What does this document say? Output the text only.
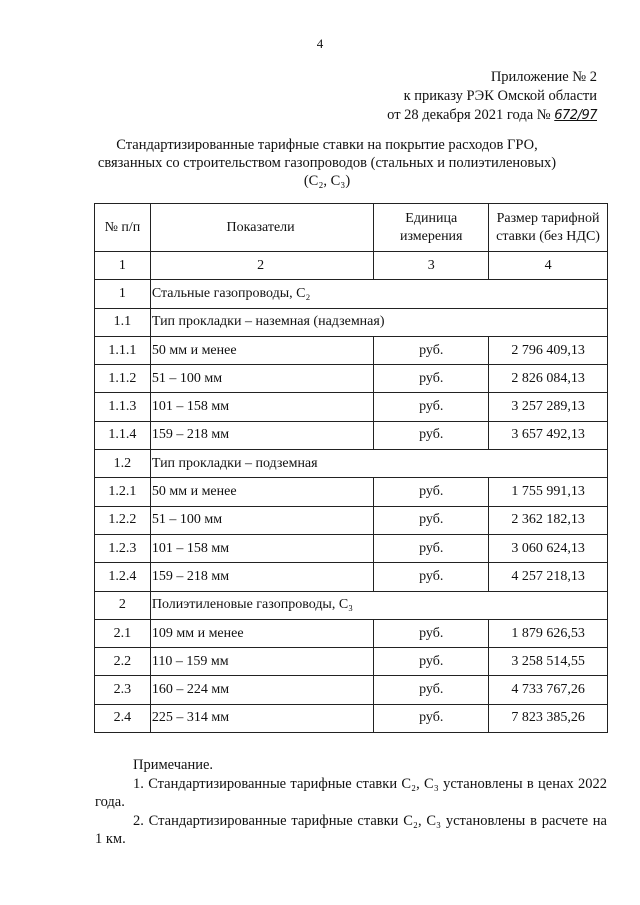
4
Приложение № 2
к приказу РЭК Омской области
от 28 декабря 2021 года № 672/97
Стандартизированные тарифные ставки на покрытие расходов ГРО,
связанных со строительством газопроводов (стальных и полиэтиленовых)
(С₂, С₃)
№ п/п	Показатели	Единица измерения	Размер тарифной ставки (без НДС)
1	2	3	4
1	Стальные газопроводы, С₂		
1.1	Тип прокладки – наземная (надземная)		
1.1.1	50 мм и менее	руб.	2 796 409,13
1.1.2	51 – 100 мм	руб.	2 826 084,13
1.1.3	101 – 158 мм	руб.	3 257 289,13
1.1.4	159 – 218 мм	руб.	3 657 492,13
1.2	Тип прокладки – подземная		
1.2.1	50 мм и менее	руб.	1 755 991,13
1.2.2	51 – 100 мм	руб.	2 362 182,13
1.2.3	101 – 158 мм	руб.	3 060 624,13
1.2.4	159 – 218 мм	руб.	4 257 218,13
2	Полиэтиленовые газопроводы, С₃		
2.1	109 мм и менее	руб.	1 879 626,53
2.2	110 – 159 мм	руб.	3 258 514,55
2.3	160 – 224 мм	руб.	4 733 767,26
2.4	225 – 314 мм	руб.	7 823 385,26
Примечание.
1. Стандартизированные тарифные ставки С₂, С₃ установлены в ценах 2022 года.
2. Стандартизированные тарифные ставки С₂, С₃ установлены в расчете на 1 км.
